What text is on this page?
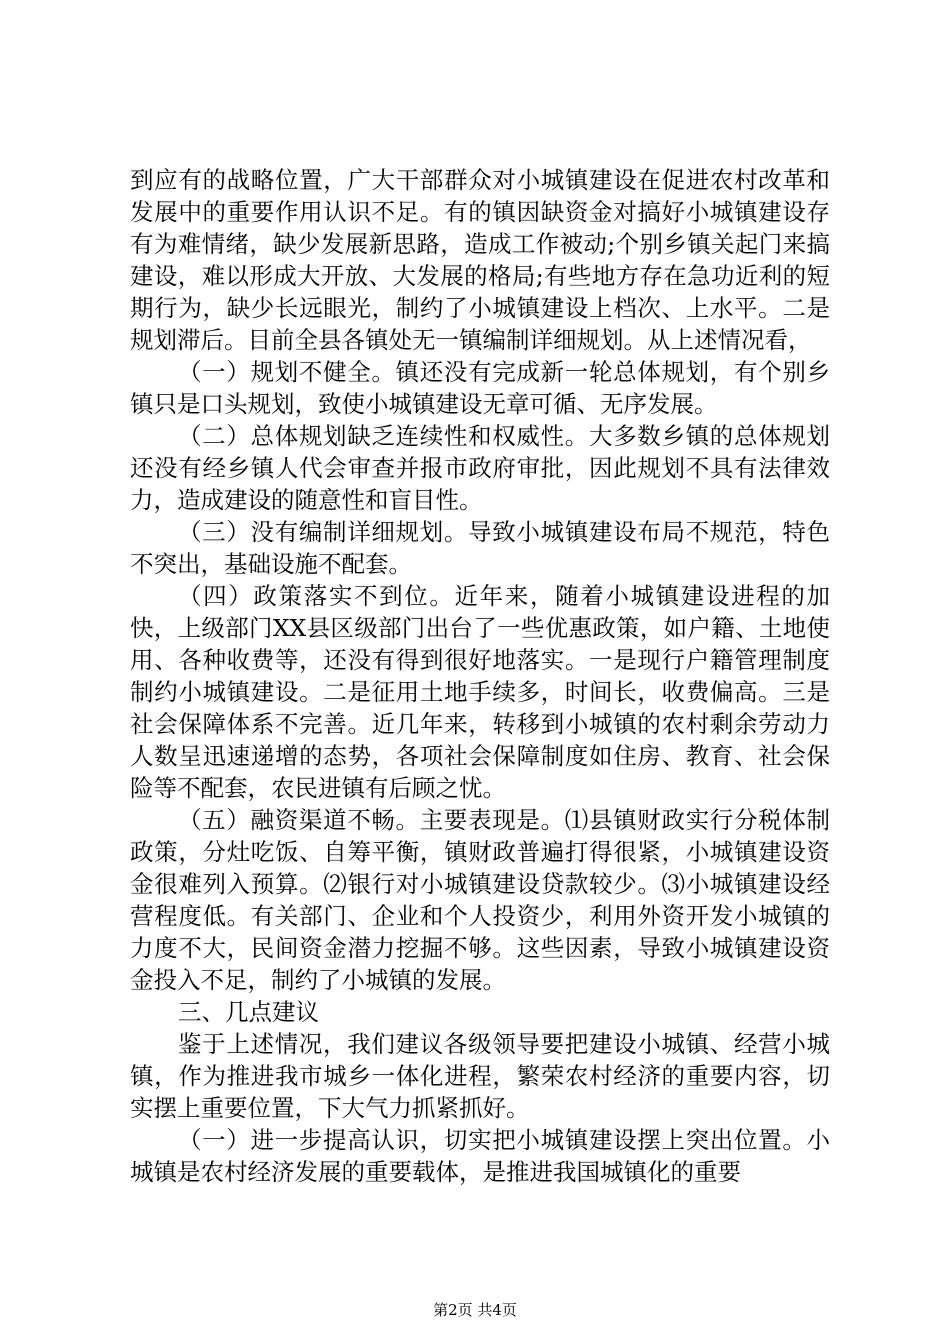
到应有的战略位置，广大干部群众对小城镇建设在促进农村改革和发展中的重要作用认识不足。有的镇因缺资金对搞好小城镇建设存有为难情绪，缺少发展新思路，造成工作被动;个别乡镇关起门来搞建设，难以形成大开放、大发展的格局;有些地方存在急功近利的短期行为，缺少长远眼光，制约了小城镇建设上档次、上水平。二是规划滞后。目前全县各镇处无一镇编制详细规划。从上述情况看，

（一）规划不健全。镇还没有完成新一轮总体规划，有个别乡镇只是口头规划，致使小城镇建设无章可循、无序发展。

（二）总体规划缺乏连续性和权威性。大多数乡镇的总体规划还没有经乡镇人代会审查并报市政府审批，因此规划不具有法律效力，造成建设的随意性和盲目性。

（三）没有编制详细规划。导致小城镇建设布局不规范，特色不突出，基础设施不配套。

（四）政策落实不到位。近年来，随着小城镇建设进程的加快，上级部门XX县区级部门出台了一些优惠政策，如户籍、土地使用、各种收费等，还没有得到很好地落实。一是现行户籍管理制度制约小城镇建设。二是征用土地手续多，时间长，收费偏高。三是社会保障体系不完善。近几年来，转移到小城镇的农村剩余劳动力人数呈迅速递增的态势，各项社会保障制度如住房、教育、社会保险等不配套，农民进镇有后顾之忧。

（五）融资渠道不畅。主要表现是。⑴县镇财政实行分税体制政策，分灶吃饭、自筹平衡，镇财政普遍打得很紧，小城镇建设资金很难列入预算。⑵银行对小城镇建设贷款较少。⑶小城镇建设经营程度低。有关部门、企业和个人投资少，利用外资开发小城镇的力度不大，民间资金潜力挖掘不够。这些因素，导致小城镇建设资金投入不足，制约了小城镇的发展。

三、几点建议

鉴于上述情况，我们建议各级领导要把建设小城镇、经营小城镇，作为推进我市城乡一体化进程，繁荣农村经济的重要内容，切实摆上重要位置，下大气力抓紧抓好。

（一）进一步提高认识，切实把小城镇建设摆上突出位置。小城镇是农村经济发展的重要载体，是推进我国城镇化的重要

第2页 共4页
